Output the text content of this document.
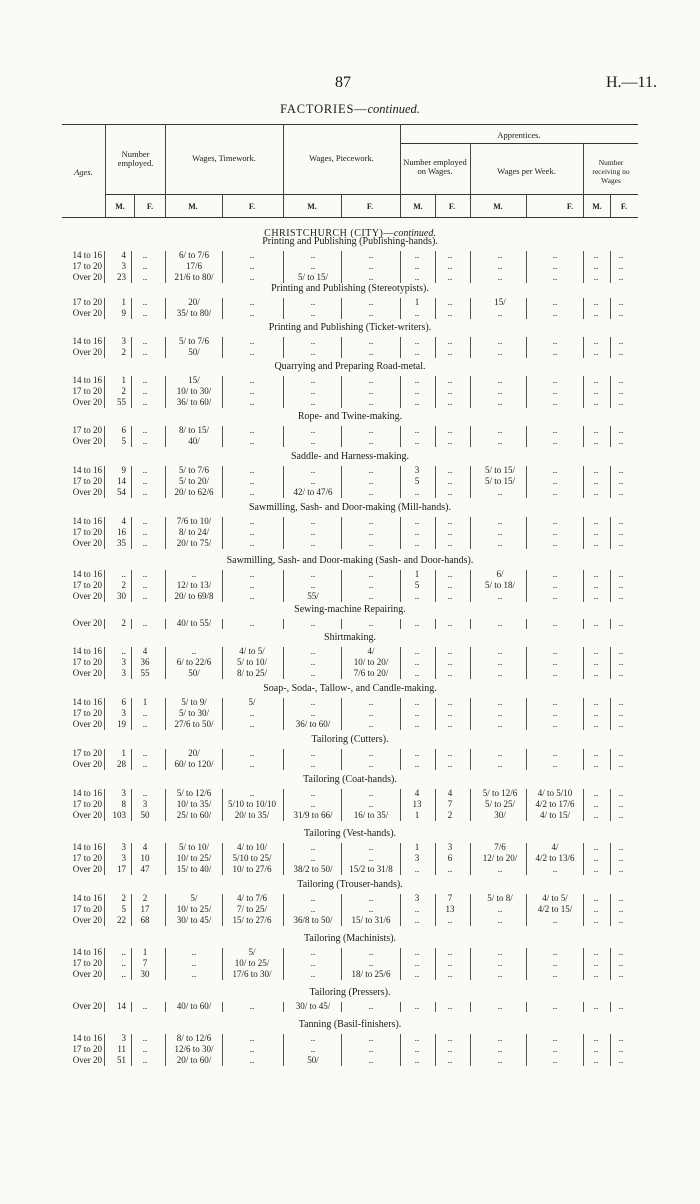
87	H.—11.
FACTORIES—continued.
Ages.
Number employed.	Wages, Timework.	Wages, Piecework.
Apprentices.
Number employed on Wages.	Wages per Week.
Number receiving no Wages
M.	F.	M.	F.	M.	F.	M.	F.	M.	F.	M.	F.
CHRISTCHURCH (CITY)—continued.
Printing and Publishing (Publishing-hands).
14 to 16	4	..	6/ to 7/6	..	..	..	..	..	..	..	..	..
17 to 20	3	..	17/6	..	..	..	..	..	..	..	..	..
Over 20	23	..	21/6 to 80/	..	5/ to 15/	..	..	..	..	..	..	..
Printing and Publishing (Stereotypists).
17 to 20	1	..	20/	..	..	..	1	..	15/	..	..	..
Over 20	9	..	35/ to 80/	..	..	..	..	..	..	..	..	..
Printing and Publishing (Ticket-writers).
14 to 16	3	..	5/ to 7/6	..	..	..	..	..	..	..	..	..
Over 20	2	..	50/	..	..	..	..	..	..	..	..	..
Quarrying and Preparing Road-metal.
14 to 16	1	..	15/	..	..	..	..	..	..	..	..	..
17 to 20	2	..	10/ to 30/	..	..	..	..	..	..	..	..	..
Over 20	55	..	36/ to 60/	..	..	..	..	..	..	..	..	..
Rope- and Twine-making.
17 to 20	6	..	8/ to 15/	..	..	..	..	..	..	..	..	..
Over 20	5	..	40/	..	..	..	..	..	..	..	..	..
Saddle- and Harness-making.
14 to 16	9	..	5/ to 7/6	..	..	..	3	..	5/ to 15/	..	..	..
17 to 20	14	..	5/ to 20/	..	..	..	5	..	5/ to 15/	..	..	..
Over 20	54	..	20/ to 62/6	..	42/ to 47/6	..	..	..	..	..	..	..
Sawmilling, Sash- and Door-making (Mill-hands).
14 to 16	4	..	7/6 to 10/	..	..	..	..	..	..	..	..	..
17 to 20	16	..	8/ to 24/	..	..	..	..	..	..	..	..	..
Over 20	35	..	20/ to 75/	..	..	..	..	..	..	..	..	..
Sawmilling, Sash- and Door-making (Sash- and Door-hands).
14 to 16	..	..	..	..	..	..	1	..	6/	..	..	..
17 to 20	2	..	12/ to 13/	..	..	..	5	..	5/ to 18/	..	..	..
Over 20	30	..	20/ to 69/8	..	55/	..	..	..	..	..	..	..
Sewing-machine Repairing.
Over 20	2	..	40/ to 55/	..	..	..	..	..	..	..	..	..
Shirtmaking.
14 to 16	..	4	..	4/ to 5/	..	4/	..	..	..	..	..	..
17 to 20	3	36	6/ to 22/6	5/ to 10/	..	10/ to 20/	..	..	..	..	..	..
Over 20	3	55	50/	8/ to 25/	..	7/6 to 20/	..	..	..	..	..	..
Soap-, Soda-, Tallow-, and Candle-making.
14 to 16	6	1	5/ to 9/	5/	..	..	..	..	..	..	..	..
17 to 20	3	..	5/ to 30/	..	..	..	..	..	..	..	..	..
Over 20	19	..	27/6 to 50/	..	36/ to 60/	..	..	..	..	..	..	..
Tailoring (Cutters).
17 to 20	1	..	20/	..	..	..	..	..	..	..	..	..
Over 20	28	..	60/ to 120/	..	..	..	..	..	..	..	..	..
Tailoring (Coat-hands).
14 to 16	3	..	5/ to 12/6	..	..	..	4	4	5/ to 12/6	4/ to 5/10	..	..
17 to 20	8	3	10/ to 35/	5/10 to 10/10	..	..	13	7	5/ to 25/	4/2 to 17/6	..	..
Over 20	103	50	25/ to 60/	20/ to 35/	31/9 to 66/	16/ to 35/	1	2	30/	4/ to 15/	..	..
Tailoring (Vest-hands).
14 to 16	3	4	5/ to 10/	4/ to 10/	..	..	1	3	7/6	4/	..	..
17 to 20	3	10	10/ to 25/	5/10 to 25/	..	..	3	6	12/ to 20/	4/2 to 13/6	..	..
Over 20	17	47	15/ to 40/	10/ to 27/6	38/2 to 50/	15/2 to 31/8	..	..	..	..	..	..
Tailoring (Trouser-hands).
14 to 16	2	2	5/	4/ to 7/6	..	..	3	7	5/ to 8/	4/ to 5/	..	..
17 to 20	5	17	10/ to 25/	7/ to 25/	..	..	..	13	..	4/2 to 15/	..	..
Over 20	22	68	30/ to 45/	15/ to 27/6	36/8 to 50/	15/ to 31/6	..	..	..	..	..	..
Tailoring (Machinists).
14 to 16	..	1	..	5/	..	..	..	..	..	..	..	..
17 to 20	..	7	..	10/ to 25/	..	..	..	..	..	..	..	..
Over 20	..	30	..	17/6 to 30/	..	18/ to 25/6	..	..	..	..	..	..
Tailoring (Pressers).
Over 20	14	..	40/ to 60/	..	30/ to 45/	..	..	..	..	..	..	..
Tanning (Basil-finishers).
14 to 16	3	..	8/ to 12/6	..	..	..	..	..	..	..	..	..
17 to 20	11	..	12/6 to 30/	..	..	..	..	..	..	..	..	..
Over 20	51	..	20/ to 60/	..	50/	..	..	..	..	..	..	..
